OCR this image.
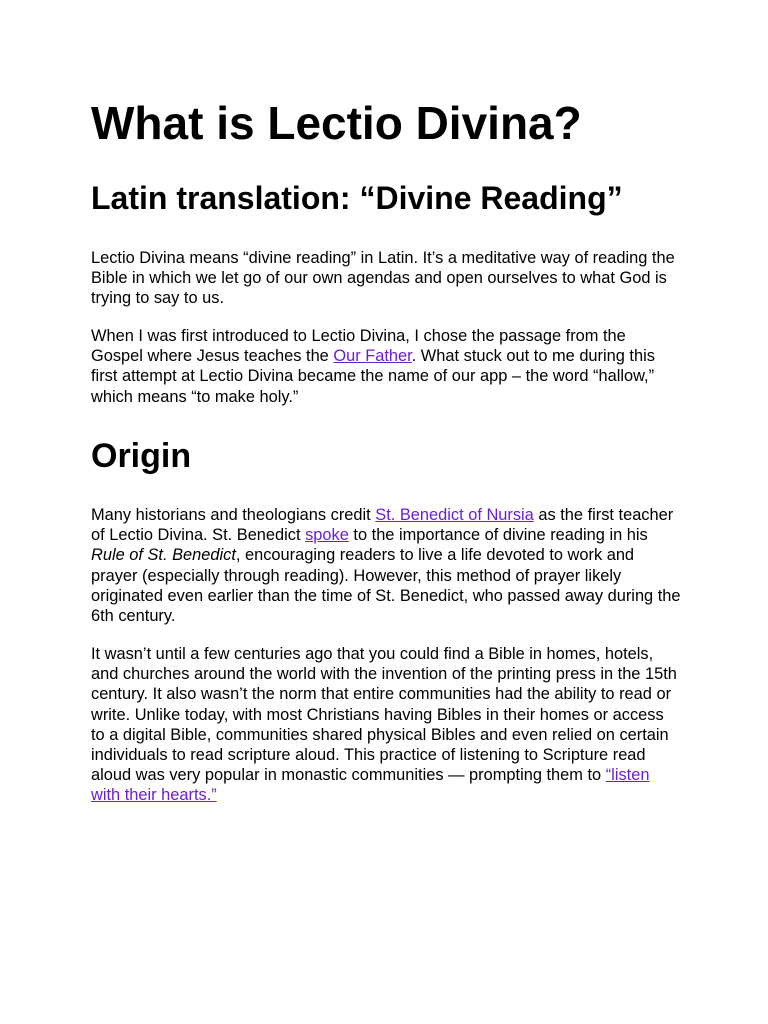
What is Lectio Divina?
Latin translation: “Divine Reading”

Lectio Divina means “divine reading” in Latin. It’s a meditative way of reading the Bible in which we let go of our own agendas and open ourselves to what God is trying to say to us.

When I was first introduced to Lectio Divina, I chose the passage from the Gospel where Jesus teaches the Our Father. What stuck out to me during this first attempt at Lectio Divina became the name of our app – the word “hallow,” which means “to make holy.”

Origin

Many historians and theologians credit St. Benedict of Nursia as the first teacher of Lectio Divina. St. Benedict spoke to the importance of divine reading in his Rule of St. Benedict, encouraging readers to live a life devoted to work and prayer (especially through reading). However, this method of prayer likely originated even earlier than the time of St. Benedict, who passed away during the 6th century.

It wasn’t until a few centuries ago that you could find a Bible in homes, hotels, and churches around the world with the invention of the printing press in the 15th century. It also wasn’t the norm that entire communities had the ability to read or write. Unlike today, with most Christians having Bibles in their homes or access to a digital Bible, communities shared physical Bibles and even relied on certain individuals to read scripture aloud. This practice of listening to Scripture read aloud was very popular in monastic communities — prompting them to “listen with their hearts.”
